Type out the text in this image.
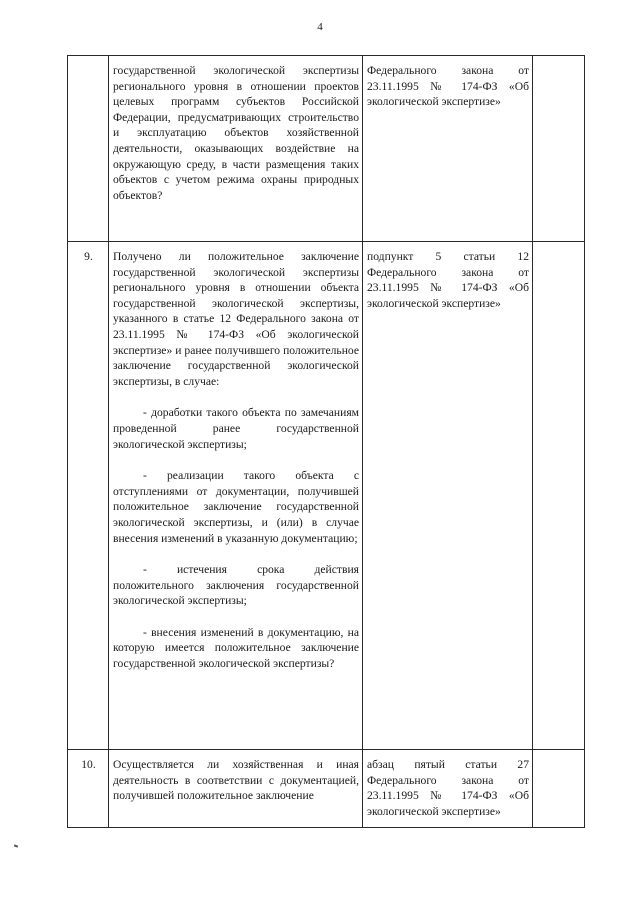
4
	государственной экологической экспертизы регионального уровня в отношении проектов целевых программ субъектов Российской Федерации, предусматривающих строительство и эксплуатацию объектов хозяйственной деятельности, оказывающих воздействие на окружающую среду, в части размещения таких объектов с учетом режима охраны природных объектов?	Федерального закона от 23.11.1995 № 174-ФЗ «Об экологической экспертизе»	
9.	Получено ли положительное заключение государственной экологической экспертизы регионального уровня в отношении объекта государственной экологической экспертизы, указанного в статье 12 Федерального закона от 23.11.1995 № 174-ФЗ «Об экологической экспертизе» и ранее получившего положительное заключение государственной экологической экспертизы, в случае:

- доработки такого объекта по замечаниям проведенной ранее государственной экологической экспертизы;

- реализации такого объекта с отступлениями от документации, получившей положительное заключение государственной экологической экспертизы, и (или) в случае внесения изменений в указанную документацию;

- истечения срока действия положительного заключения государственной экологической экспертизы;

- внесения изменений в документацию, на которую имеется положительное заключение государственной экологической экспертизы?	подпункт 5 статьи 12 Федерального закона от 23.11.1995 № 174-ФЗ «Об экологической экспертизе»	
10.	Осуществляется ли хозяйственная и иная деятельность в соответствии с документацией, получившей положительное заключение	абзац пятый статьи 27 Федерального закона от 23.11.1995 № 174-ФЗ «Об экологической экспертизе»	
